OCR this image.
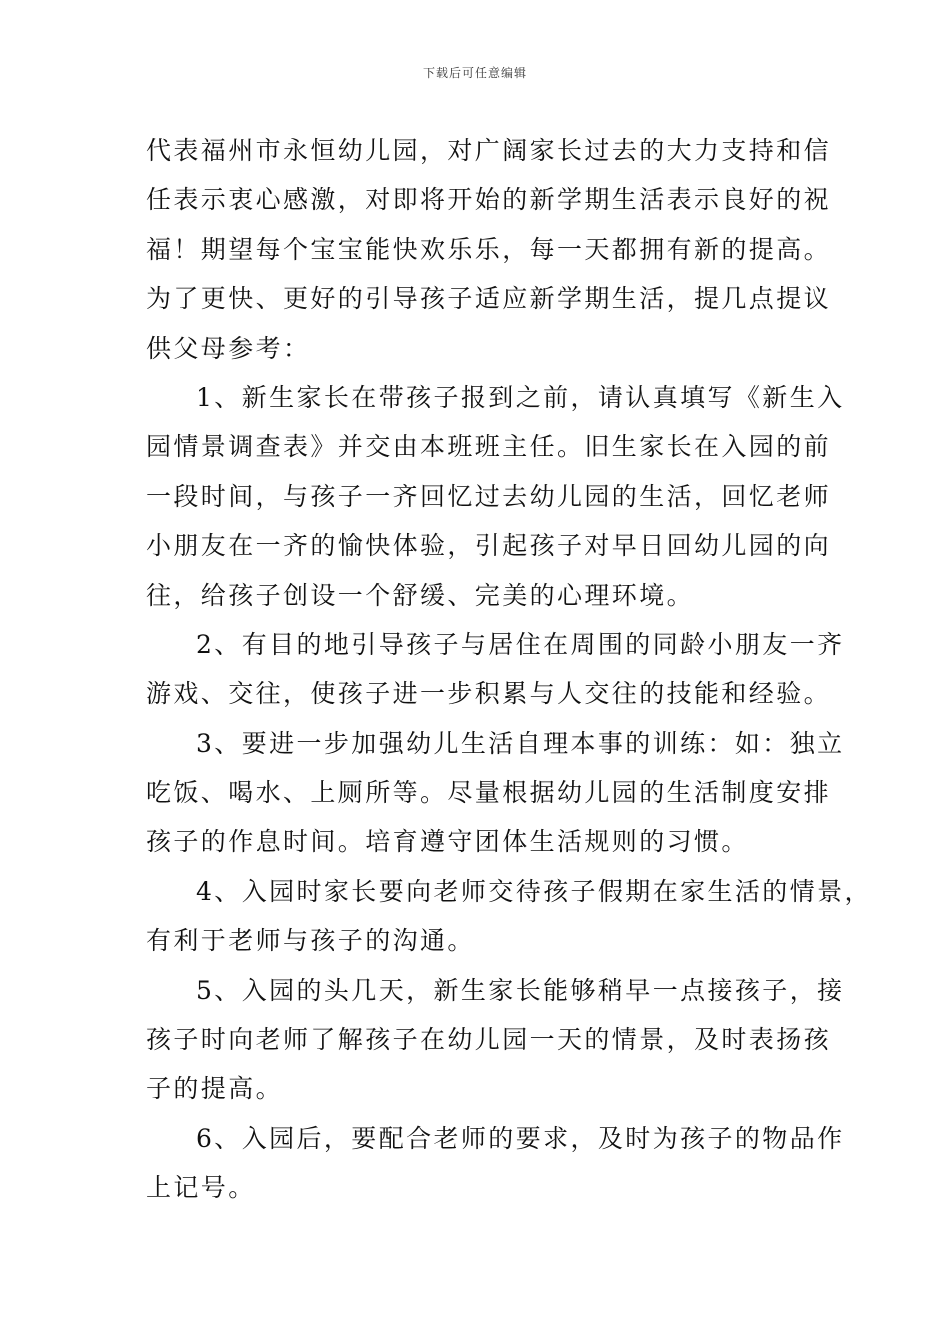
下载后可任意编辑
代表福州市永恒幼儿园，对广阔家长过去的大力支持和信
任表示衷心感激，对即将开始的新学期生活表示良好的祝
福！期望每个宝宝能快欢乐乐，每一天都拥有新的提高。
为了更快、更好的引导孩子适应新学期生活，提几点提议
供父母参考：
1、新生家长在带孩子报到之前，请认真填写《新生入
园情景调查表》并交由本班班主任。旧生家长在入园的前
一段时间，与孩子一齐回忆过去幼儿园的生活，回忆老师
小朋友在一齐的愉快体验，引起孩子对早日回幼儿园的向
往，给孩子创设一个舒缓、完美的心理环境。
2、有目的地引导孩子与居住在周围的同龄小朋友一齐
游戏、交往，使孩子进一步积累与人交往的技能和经验。
3、要进一步加强幼儿生活自理本事的训练：如：独立
吃饭、喝水、上厕所等。尽量根据幼儿园的生活制度安排
孩子的作息时间。培育遵守团体生活规则的习惯。
4、入园时家长要向老师交待孩子假期在家生活的情景，
有利于老师与孩子的沟通。
5、入园的头几天，新生家长能够稍早一点接孩子，接
孩子时向老师了解孩子在幼儿园一天的情景，及时表扬孩
子的提高。
6、入园后，要配合老师的要求，及时为孩子的物品作
上记号。
